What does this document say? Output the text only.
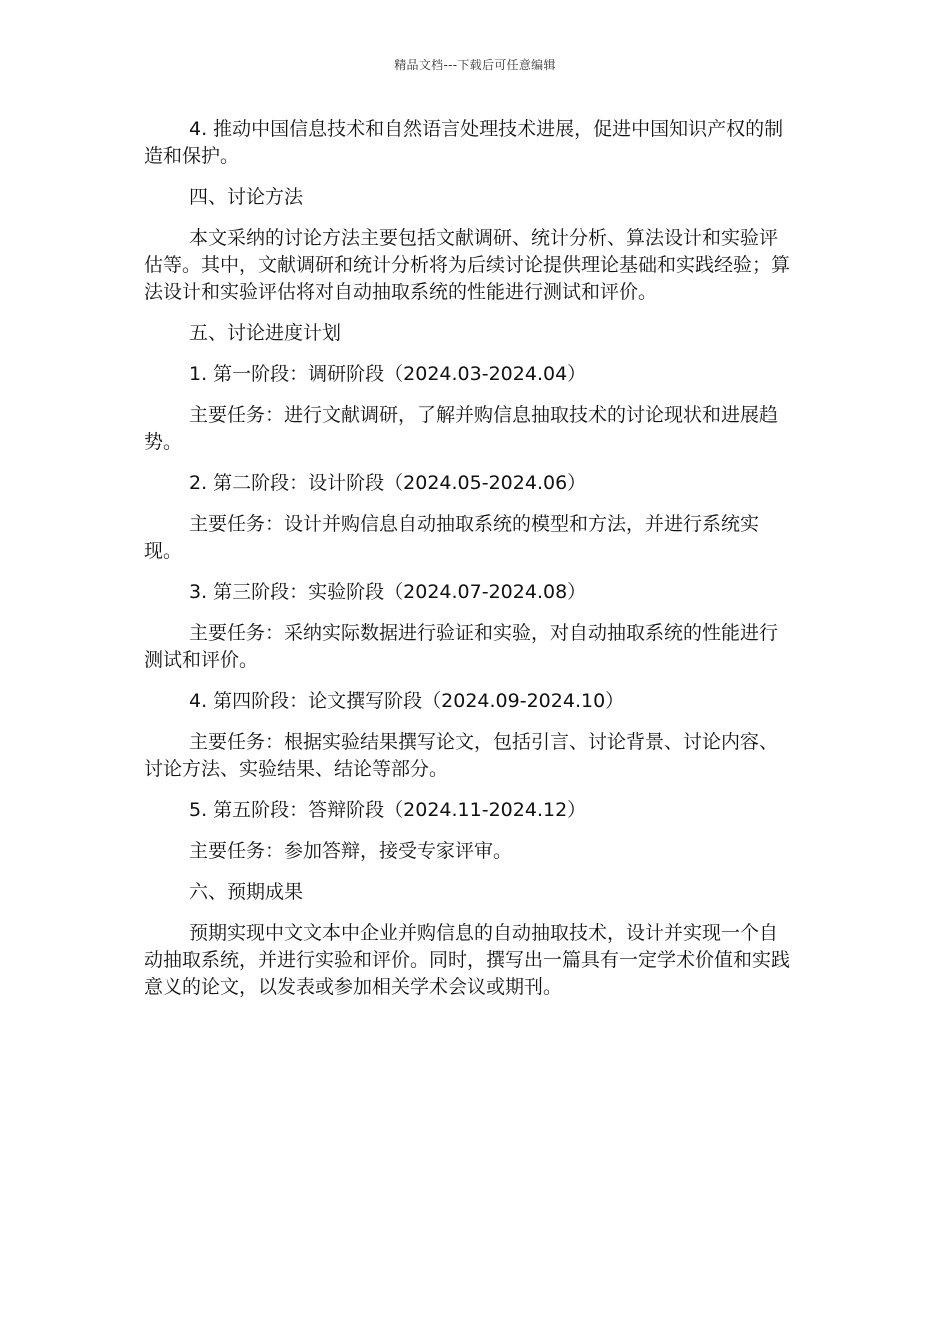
精品文档---下载后可任意编辑

4. 推动中国信息技术和自然语言处理技术进展，促进中国知识产权的制造和保护。

四、讨论方法

本文采纳的讨论方法主要包括文献调研、统计分析、算法设计和实验评估等。其中，文献调研和统计分析将为后续讨论提供理论基础和实践经验；算法设计和实验评估将对自动抽取系统的性能进行测试和评价。

五、讨论进度计划

1. 第一阶段：调研阶段（2024.03-2024.04）

主要任务：进行文献调研，了解并购信息抽取技术的讨论现状和进展趋势。

2. 第二阶段：设计阶段（2024.05-2024.06）

主要任务：设计并购信息自动抽取系统的模型和方法，并进行系统实现。

3. 第三阶段：实验阶段（2024.07-2024.08）

主要任务：采纳实际数据进行验证和实验，对自动抽取系统的性能进行测试和评价。

4. 第四阶段：论文撰写阶段（2024.09-2024.10）

主要任务：根据实验结果撰写论文，包括引言、讨论背景、讨论内容、讨论方法、实验结果、结论等部分。

5. 第五阶段：答辩阶段（2024.11-2024.12）

主要任务：参加答辩，接受专家评审。

六、预期成果

预期实现中文文本中企业并购信息的自动抽取技术，设计并实现一个自动抽取系统，并进行实验和评价。同时，撰写出一篇具有一定学术价值和实践意义的论文，以发表或参加相关学术会议或期刊。
